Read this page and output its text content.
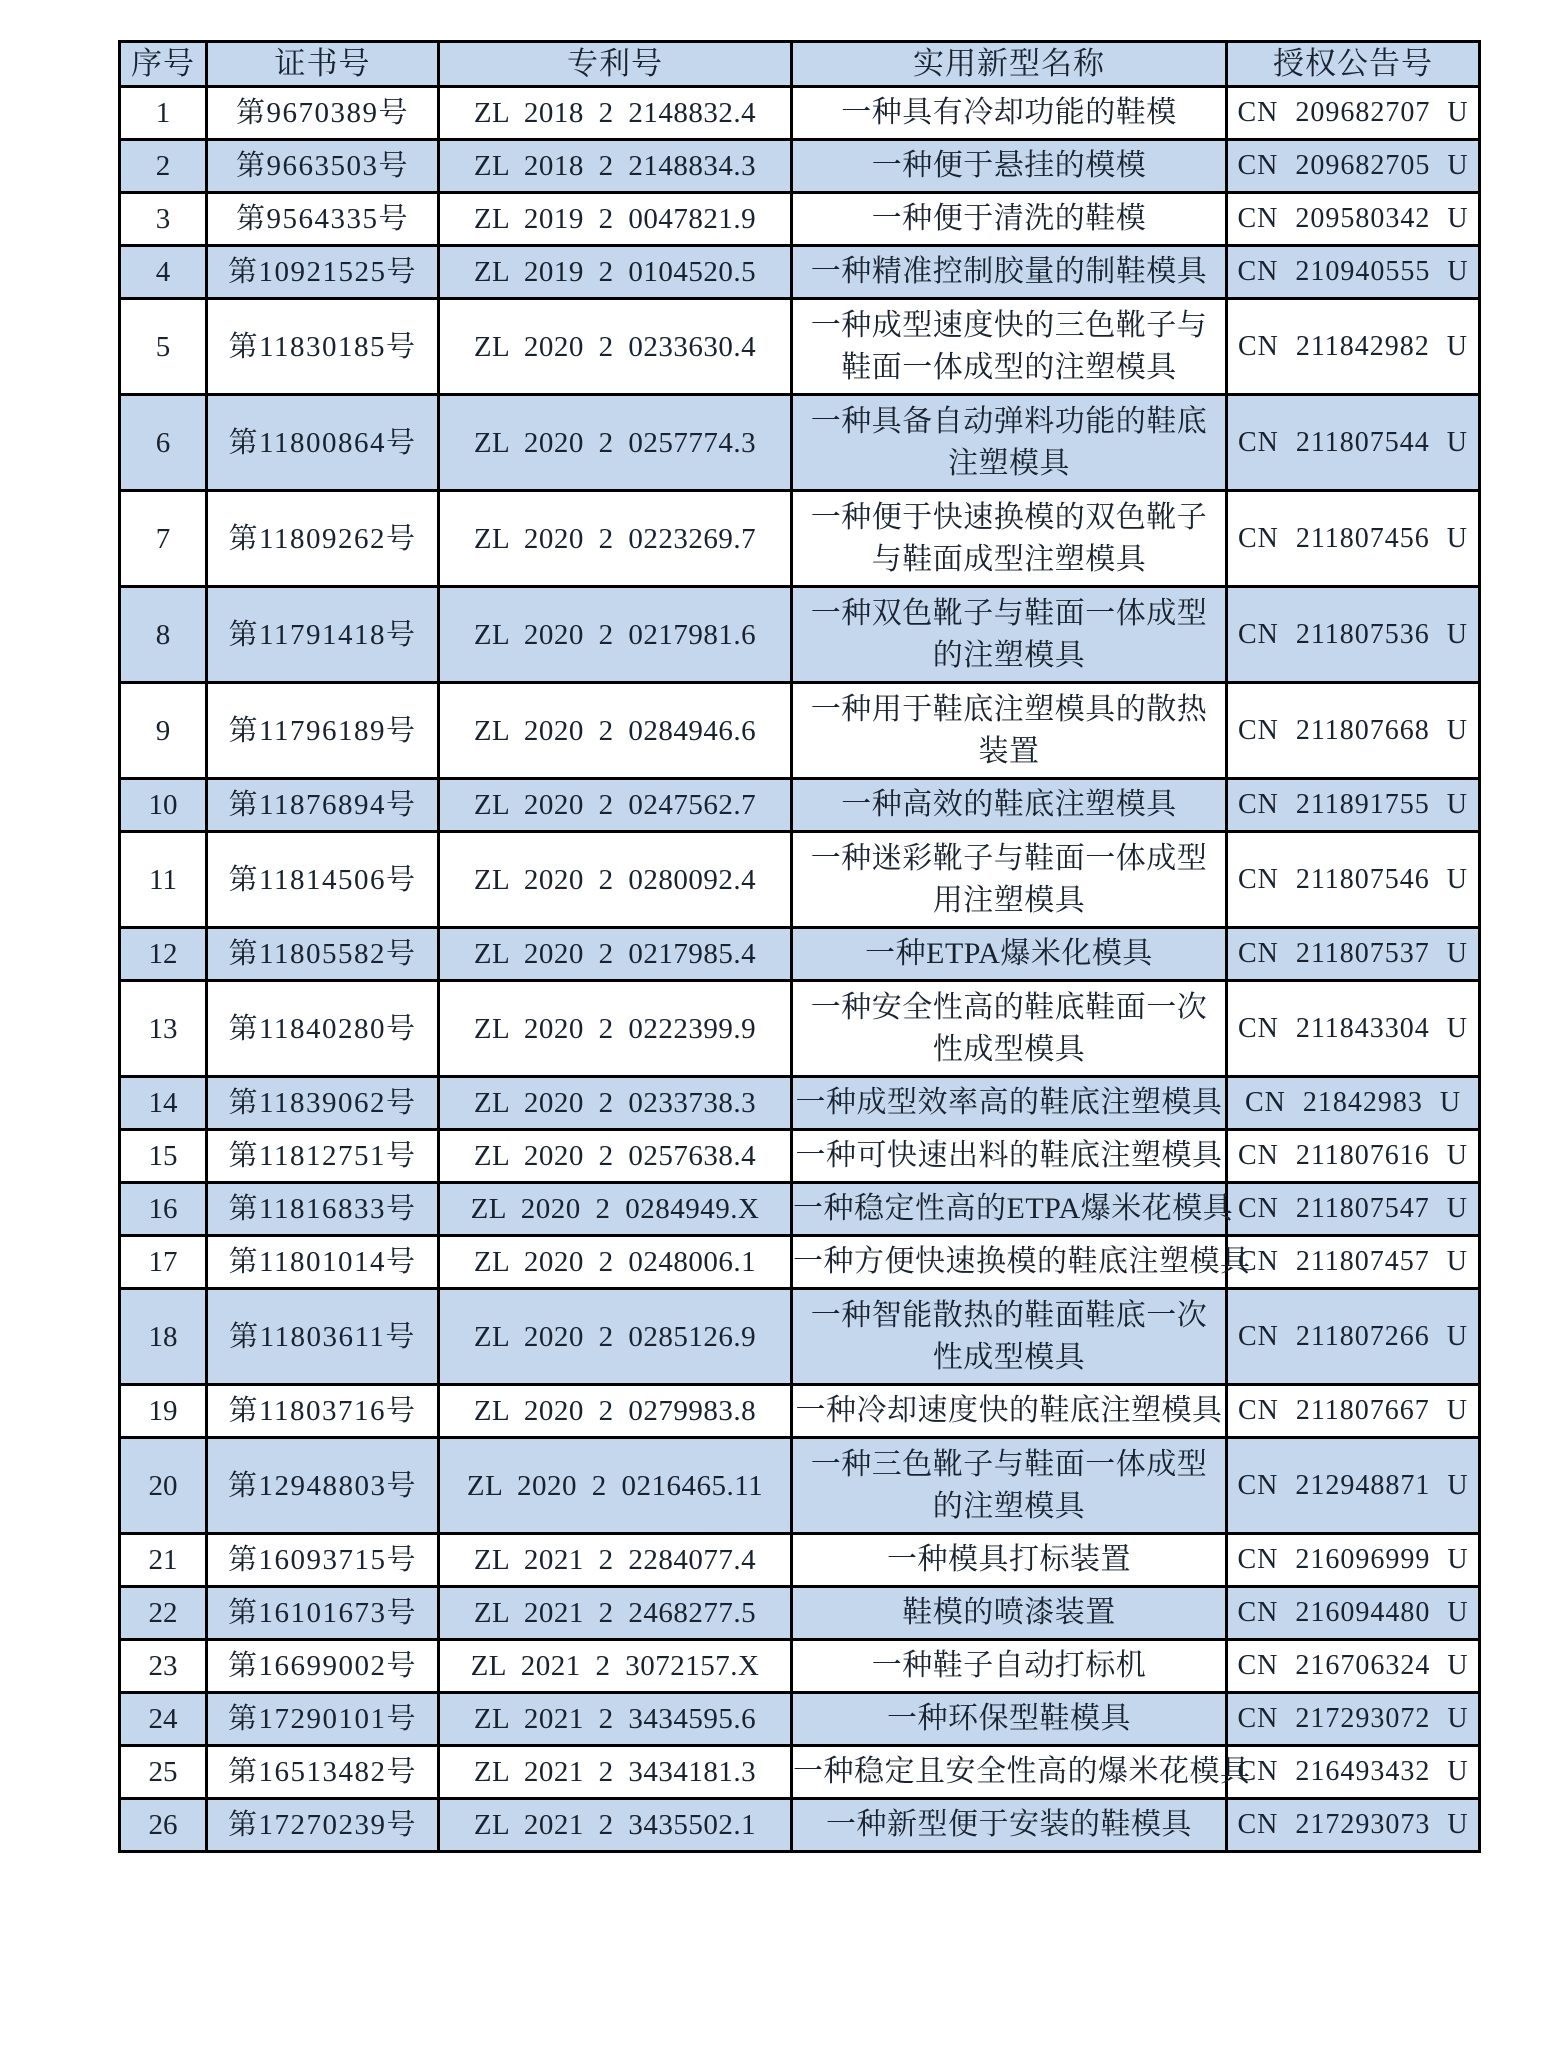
序号	证书号	专利号	实用新型名称	授权公告号

1	第9670389号	ZL 2018 2 2148832.4	一种具有冷却功能的鞋模	CN 209682707 U

2	第9663503号	ZL 2018 2 2148834.3	一种便于悬挂的模模	CN 209682705 U

3	第9564335号	ZL 2019 2 0047821.9	一种便于清洗的鞋模	CN 209580342 U

4	第10921525号	ZL 2019 2 0104520.5	一种精准控制胶量的制鞋模具	CN 210940555 U

5	第11830185号	ZL 2020 2 0233630.4	一种成型速度快的三色靴子与
鞋面一体成型的注塑模具	CN 211842982 U

6	第11800864号	ZL 2020 2 0257774.3	一种具备自动弹料功能的鞋底
注塑模具	CN 211807544 U

7	第11809262号	ZL 2020 2 0223269.7	一种便于快速换模的双色靴子
与鞋面成型注塑模具	CN 211807456 U

8	第11791418号	ZL 2020 2 0217981.6	一种双色靴子与鞋面一体成型
的注塑模具	CN 211807536 U

9	第11796189号	ZL 2020 2 0284946.6	一种用于鞋底注塑模具的散热
装置	CN 211807668 U

10	第11876894号	ZL 2020 2 0247562.7	一种高效的鞋底注塑模具	CN 211891755 U

11	第11814506号	ZL 2020 2 0280092.4	一种迷彩靴子与鞋面一体成型
用注塑模具	CN 211807546 U

12	第11805582号	ZL 2020 2 0217985.4	一种ETPA爆米化模具	CN 211807537 U

13	第11840280号	ZL 2020 2 0222399.9	一种安全性高的鞋底鞋面一次
性成型模具	CN 211843304 U

14	第11839062号	ZL 2020 2 0233738.3	一种成型效率高的鞋底注塑模具	CN 21842983 U

15	第11812751号	ZL 2020 2 0257638.4	一种可快速出料的鞋底注塑模具	CN 211807616 U

16	第11816833号	ZL 2020 2 0284949.X	一种稳定性高的ETPA爆米花模具	CN 211807547 U

17	第11801014号	ZL 2020 2 0248006.1	一种方便快速换模的鞋底注塑模具	CN 211807457 U

18	第11803611号	ZL 2020 2 0285126.9	一种智能散热的鞋面鞋底一次
性成型模具	CN 211807266 U

19	第11803716号	ZL 2020 2 0279983.8	一种冷却速度快的鞋底注塑模具	CN 211807667 U

20	第12948803号	ZL 2020 2 0216465.11	一种三色靴子与鞋面一体成型
的注塑模具	CN 212948871 U

21	第16093715号	ZL 2021 2 2284077.4	一种模具打标装置	CN 216096999 U

22	第16101673号	ZL 2021 2 2468277.5	鞋模的喷漆装置	CN 216094480 U

23	第16699002号	ZL 2021 2 3072157.X	一种鞋子自动打标机	CN 216706324 U

24	第17290101号	ZL 2021 2 3434595.6	一种环保型鞋模具	CN 217293072 U

25	第16513482号	ZL 2021 2 3434181.3	一种稳定且安全性高的爆米花模具	CN 216493432 U

26	第17270239号	ZL 2021 2 3435502.1	一种新型便于安装的鞋模具	CN 217293073 U
